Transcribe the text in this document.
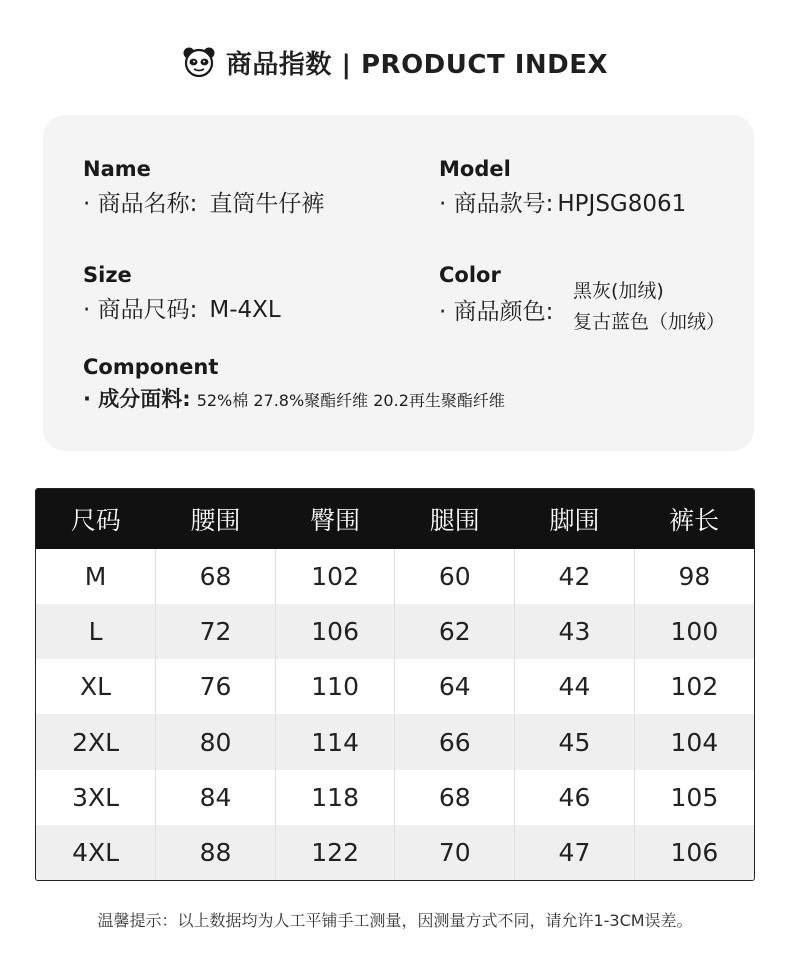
商品指数 | PRODUCT INDEX
Name
· 商品名称: 直筒牛仔裤
Model
· 商品款号: HPJSG8061
Size
· 商品尺码: M-4XL
Color
· 商品颜色:
黑灰(加绒)
复古蓝色（加绒）
Component
· 成分面料: 52%棉 27.8%聚酯纤维 20.2再生聚酯纤维
尺码	腰围	臀围	腿围	脚围	裤长
M	68	102	60	42	98
L	72	106	62	43	100
XL	76	110	64	44	102
2XL	80	114	66	45	104
3XL	84	118	68	46	105
4XL	88	122	70	47	106
温馨提示：以上数据均为人工平铺手工测量，因测量方式不同，请允许1-3CM误差。
